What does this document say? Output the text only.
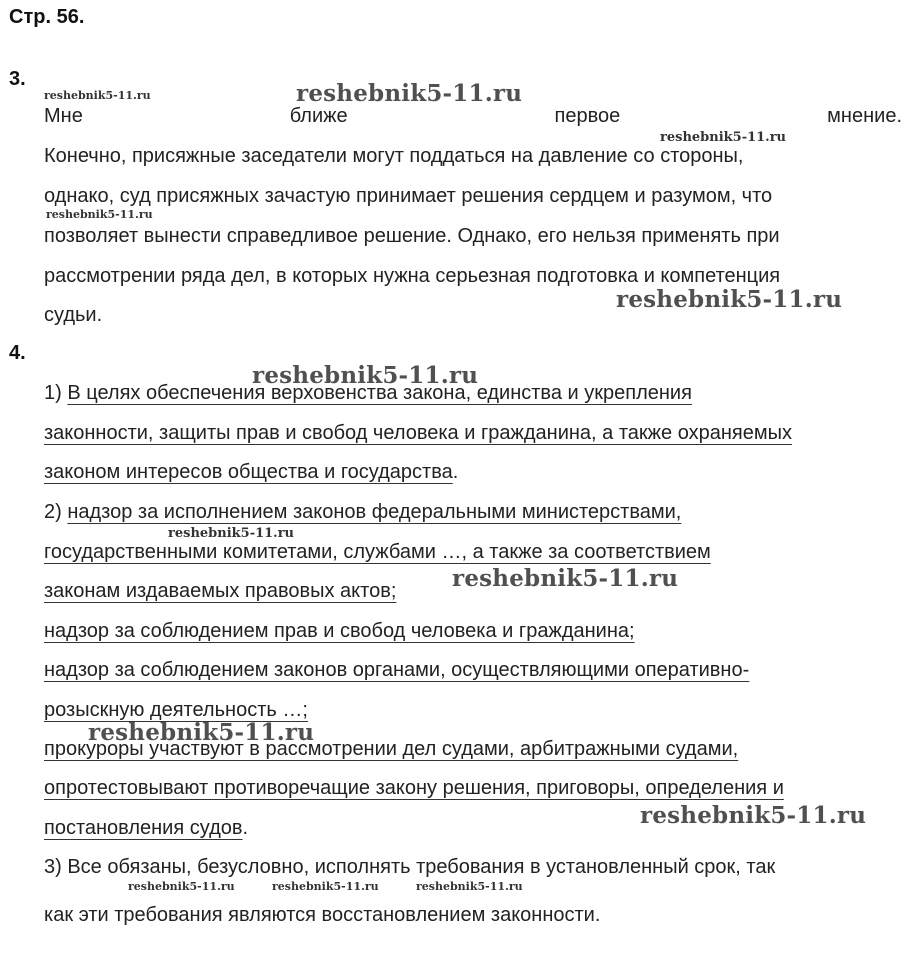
Стр. 56.
3.
Мне ближе первое мнение.
Конечно, присяжные заседатели могут поддаться на давление со стороны,
однако, суд присяжных зачастую принимает решения сердцем и разумом, что
позволяет вынести справедливое решение. Однако, его нельзя применять при
рассмотрении ряда дел, в которых нужна серьезная подготовка и компетенция
судьи.
4.
1) В целях обеспечения верховенства закона, единства и укрепления
законности, защиты прав и свобод человека и гражданина, а также охраняемых
законом интересов общества и государства.
2) надзор за исполнением законов федеральными министерствами,
государственными комитетами, службами …, а также за соответствием
законам издаваемых правовых актов;
надзор за соблюдением прав и свобод человека и гражданина;
надзор за соблюдением законов органами, осуществляющими оперативно-
розыскную деятельность …;
прокуроры участвуют в рассмотрении дел судами, арбитражными судами,
опротестовывают противоречащие закону решения, приговоры, определения и
постановления судов.
3) Все обязаны, безусловно, исполнять требования в установленный срок, так
как эти требования являются восстановлением законности.
reshebnik5-11.ru	reshebnik5-11.ru
reshebnik5-11.ru
reshebnik5-11.ru
reshebnik5-11.ru
reshebnik5-11.ru
reshebnik5-11.ru
reshebnik5-11.ru
reshebnik5-11.ru
reshebnik5-11.ru
reshebnik5-11.ru	reshebnik5-11.ru	reshebnik5-11.ru
